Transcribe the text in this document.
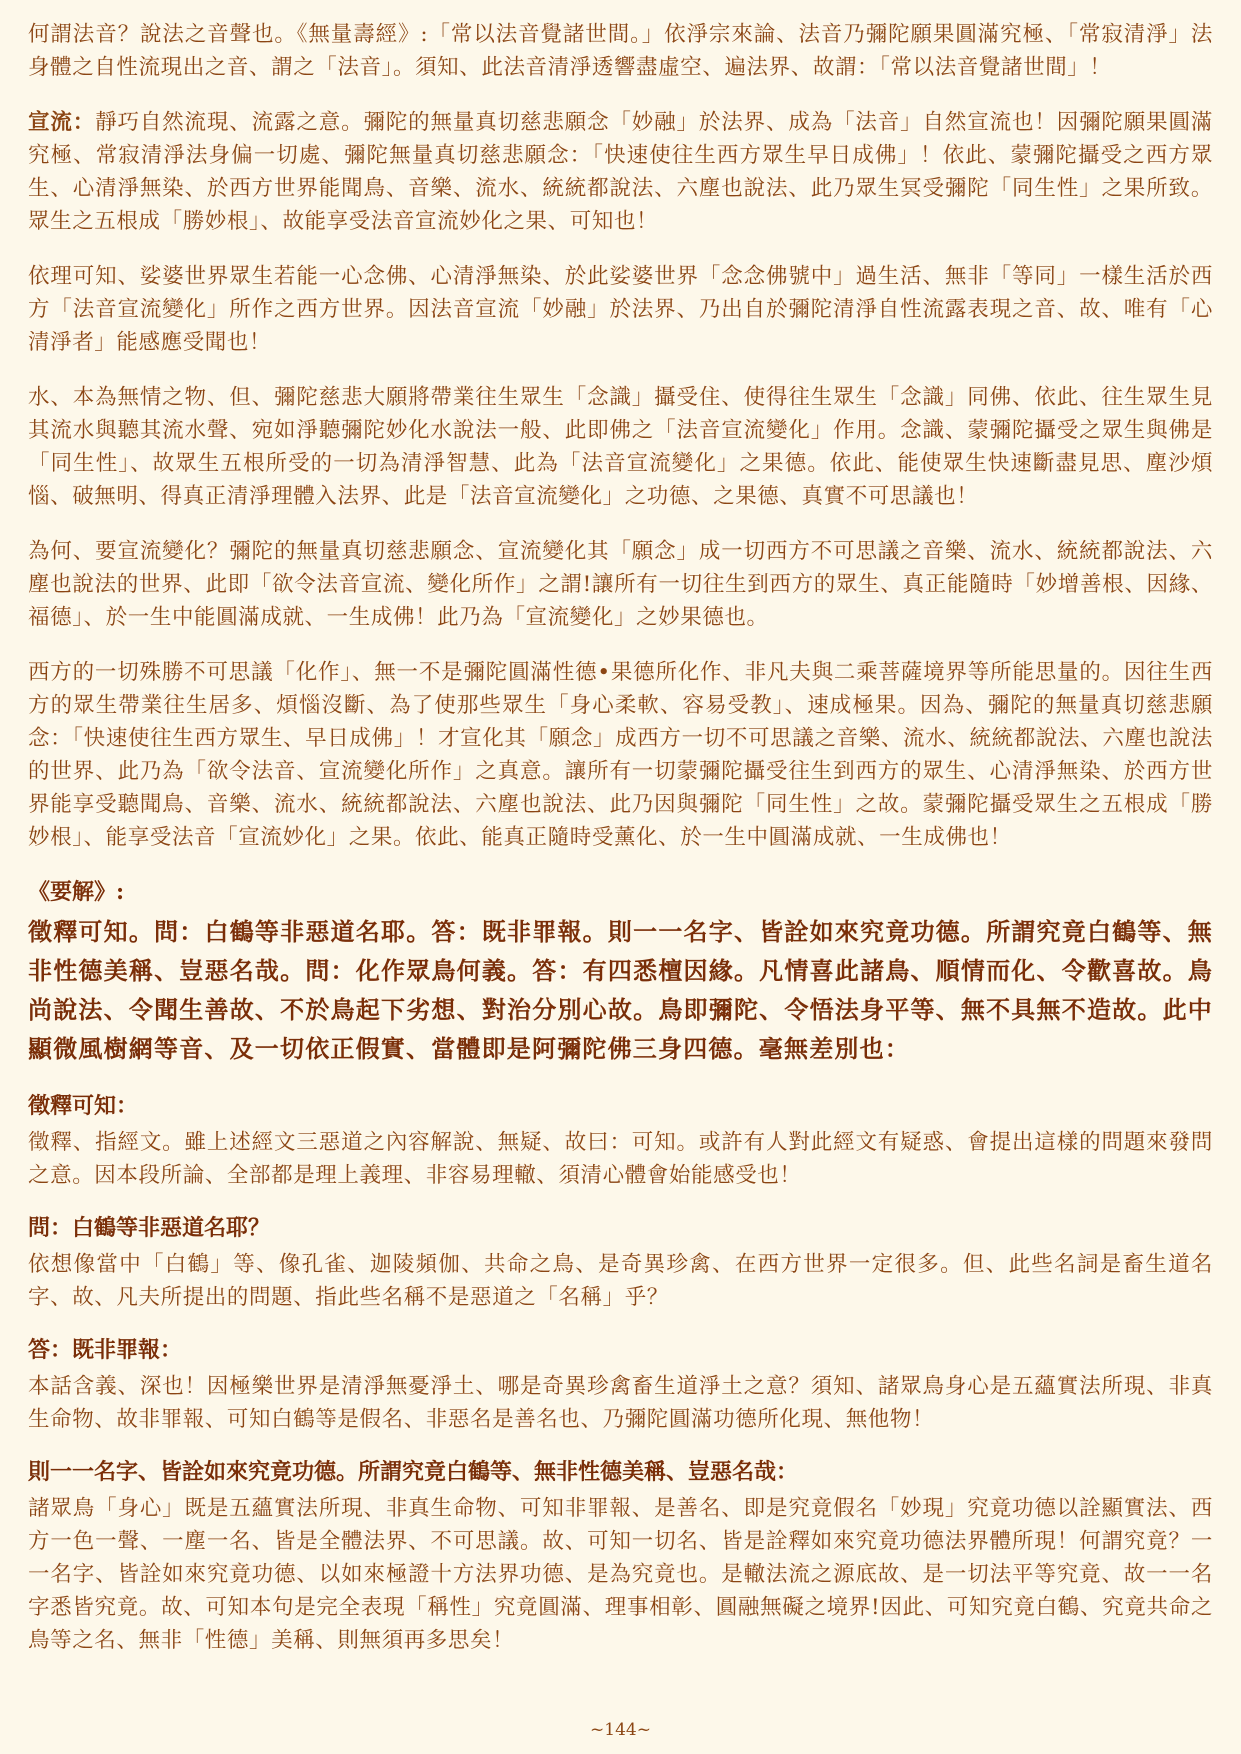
何謂法音？說法之音聲也。《無量壽經》:「常以法音覺諸世間。」依淨宗來論、法音乃彌陀願果圓滿究極、「常寂清淨」法身體之自性流現出之音、謂之「法音」。須知、此法音清淨透響盡虛空、遍法界、故謂：「常以法音覺諸世間」！

宣流：靜巧自然流現、流露之意。彌陀的無量真切慈悲願念「妙融」於法界、成為「法音」自然宣流也！因彌陀願果圓滿究極、常寂清淨法身偏一切處、彌陀無量真切慈悲願念：「快速使往生西方眾生早日成佛」！依此、蒙彌陀攝受之西方眾生、心清淨無染、於西方世界能聞鳥、音樂、流水、統統都說法、六塵也說法、此乃眾生冥受彌陀「同生性」之果所致。眾生之五根成「勝妙根」、故能享受法音宣流妙化之果、可知也！

依理可知、娑婆世界眾生若能一心念佛、心清淨無染、於此娑婆世界「念念佛號中」過生活、無非「等同」一樣生活於西方「法音宣流變化」所作之西方世界。因法音宣流「妙融」於法界、乃出自於彌陀清淨自性流露表現之音、故、唯有「心清淨者」能感應受聞也！

水、本為無情之物、但、彌陀慈悲大願將帶業往生眾生「念識」攝受住、使得往生眾生「念識」同佛、依此、往生眾生見其流水與聽其流水聲、宛如淨聽彌陀妙化水說法一般、此即佛之「法音宣流變化」作用。念識、蒙彌陀攝受之眾生與佛是「同生性」、故眾生五根所受的一切為清淨智慧、此為「法音宣流變化」之果德。依此、能使眾生快速斷盡見思、塵沙煩惱、破無明、得真正清淨理體入法界、此是「法音宣流變化」之功德、之果德、真實不可思議也！

為何、要宣流變化？彌陀的無量真切慈悲願念、宣流變化其「願念」成一切西方不可思議之音樂、流水、統統都說法、六塵也說法的世界、此即「欲令法音宣流、變化所作」之謂!讓所有一切往生到西方的眾生、真正能隨時「妙增善根、因緣、福德」、於一生中能圓滿成就、一生成佛！此乃為「宣流變化」之妙果德也。

西方的一切殊勝不可思議「化作」、無一不是彌陀圓滿性德•果德所化作、非凡夫與二乘菩薩境界等所能思量的。因往生西方的眾生帶業往生居多、煩惱沒斷、為了使那些眾生「身心柔軟、容易受教」、速成極果。因為、彌陀的無量真切慈悲願念：「快速使往生西方眾生、早日成佛」！才宣化其「願念」成西方一切不可思議之音樂、流水、統統都說法、六塵也說法的世界、此乃為「欲令法音、宣流變化所作」之真意。讓所有一切蒙彌陀攝受往生到西方的眾生、心清淨無染、於西方世界能享受聽聞鳥、音樂、流水、統統都說法、六塵也說法、此乃因與彌陀「同生性」之故。蒙彌陀攝受眾生之五根成「勝妙根」、能享受法音「宣流妙化」之果。依此、能真正隨時受薰化、於一生中圓滿成就、一生成佛也！

《要解》:

徵釋可知。問：白鶴等非惡道名耶。答：既非罪報。則一一名字、皆詮如來究竟功德。所謂究竟白鶴等、無非性德美稱、豈惡名哉。問：化作眾鳥何義。答：有四悉檀因緣。凡情喜此諸鳥、順情而化、令歡喜故。鳥尚說法、令聞生善故、不於鳥起下劣想、對治分別心故。鳥即彌陀、令悟法身平等、無不具無不造故。此中顯微風樹網等音、及一切依正假實、當體即是阿彌陀佛三身四德。毫無差別也：

徵釋可知：

徵釋、指經文。雖上述經文三惡道之內容解說、無疑、故曰：可知。或許有人對此經文有疑惑、會提出這樣的問題來發問之意。因本段所論、全部都是理上義理、非容易理轍、須清心體會始能感受也！

問：白鶴等非惡道名耶？

依想像當中「白鶴」等、像孔雀、迦陵頻伽、共命之鳥、是奇異珍禽、在西方世界一定很多。但、此些名詞是畜生道名字、故、凡夫所提出的問題、指此些名稱不是惡道之「名稱」乎？

答：既非罪報：

本話含義、深也！因極樂世界是清淨無憂淨土、哪是奇異珍禽畜生道淨土之意？須知、諸眾鳥身心是五蘊實法所現、非真生命物、故非罪報、可知白鶴等是假名、非惡名是善名也、乃彌陀圓滿功德所化現、無他物！

則一一名字、皆詮如來究竟功德。所謂究竟白鶴等、無非性德美稱、豈惡名哉：

諸眾鳥「身心」既是五蘊實法所現、非真生命物、可知非罪報、是善名、即是究竟假名「妙現」究竟功德以詮顯實法、西方一色一聲、一塵一名、皆是全體法界、不可思議。故、可知一切名、皆是詮釋如來究竟功德法界體所現！何謂究竟？一一名字、皆詮如來究竟功德、以如來極證十方法界功德、是為究竟也。是轍法流之源底故、是一切法平等究竟、故一一名字悉皆究竟。故、可知本句是完全表現「稱性」究竟圓滿、理事相彰、圓融無礙之境界!因此、可知究竟白鶴、究竟共命之鳥等之名、無非「性德」美稱、則無須再多思矣！

~144~
